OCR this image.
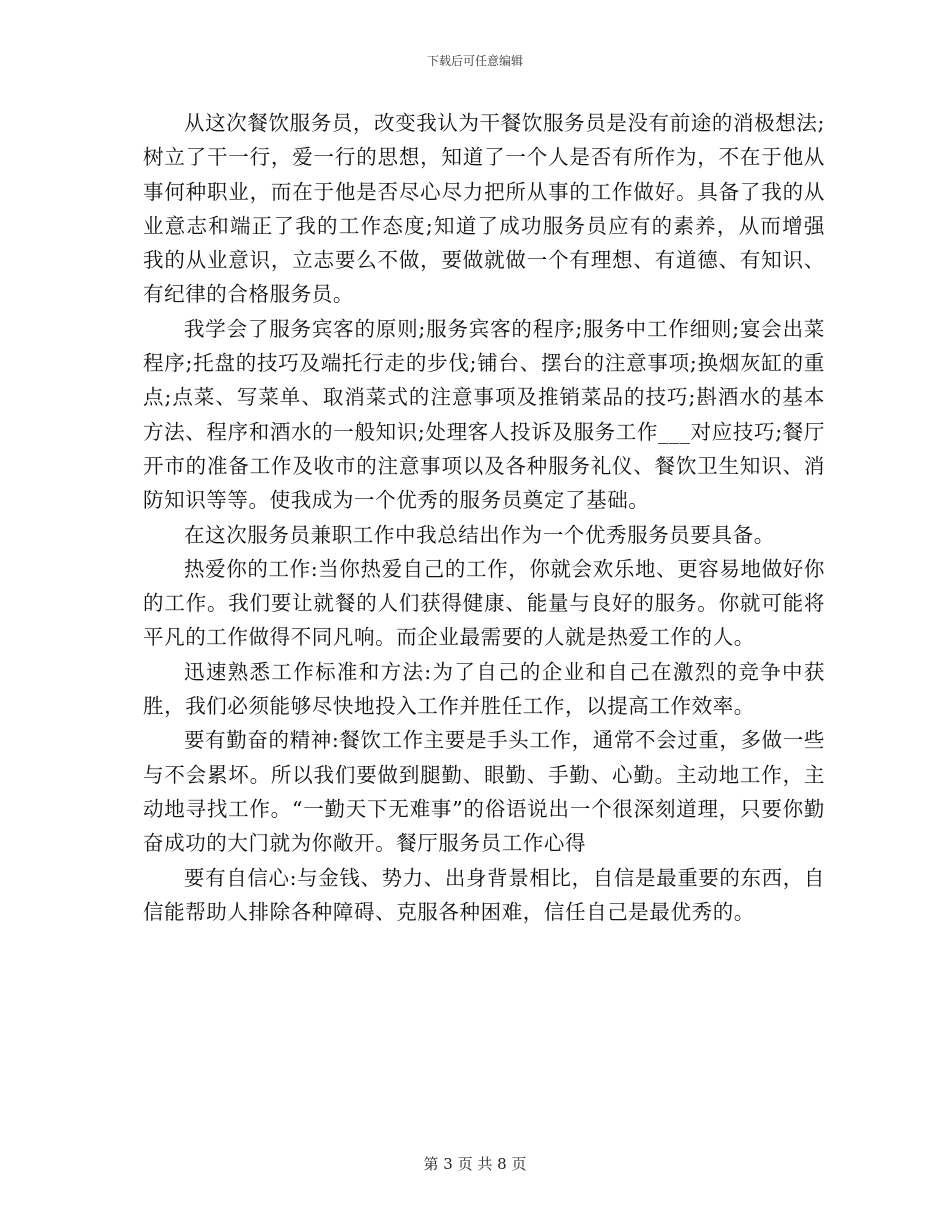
下载后可任意编辑

从这次餐饮服务员，改变我认为干餐饮服务员是没有前途的消极想法;树立了干一行，爱一行的思想，知道了一个人是否有所作为，不在于他从事何种职业，而在于他是否尽心尽力把所从事的工作做好。具备了我的从业意志和端正了我的工作态度;知道了成功服务员应有的素养，从而增强我的从业意识，立志要么不做，要做就做一个有理想、有道德、有知识、有纪律的合格服务员。

我学会了服务宾客的原则;服务宾客的程序;服务中工作细则;宴会出菜程序;托盘的技巧及端托行走的步伐;铺台、摆台的注意事项;换烟灰缸的重点;点菜、写菜单、取消菜式的注意事项及推销菜品的技巧;斟酒水的基本方法、程序和酒水的一般知识;处理客人投诉及服务工作___对应技巧;餐厅开市的准备工作及收市的注意事项以及各种服务礼仪、餐饮卫生知识、消防知识等等。使我成为一个优秀的服务员奠定了基础。

在这次服务员兼职工作中我总结出作为一个优秀服务员要具备。

热爱你的工作:当你热爱自己的工作，你就会欢乐地、更容易地做好你的工作。我们要让就餐的人们获得健康、能量与良好的服务。你就可能将平凡的工作做得不同凡响。而企业最需要的人就是热爱工作的人。

迅速熟悉工作标准和方法:为了自己的企业和自己在激烈的竞争中获胜，我们必须能够尽快地投入工作并胜任工作，以提高工作效率。

要有勤奋的精神:餐饮工作主要是手头工作，通常不会过重，多做一些与不会累坏。所以我们要做到腿勤、眼勤、手勤、心勤。主动地工作，主动地寻找工作。“一勤天下无难事”的俗语说出一个很深刻道理，只要你勤奋成功的大门就为你敞开。餐厅服务员工作心得

要有自信心:与金钱、势力、出身背景相比，自信是最重要的东西，自信能帮助人排除各种障碍、克服各种困难，信任自己是最优秀的。

第 3 页 共 8 页
